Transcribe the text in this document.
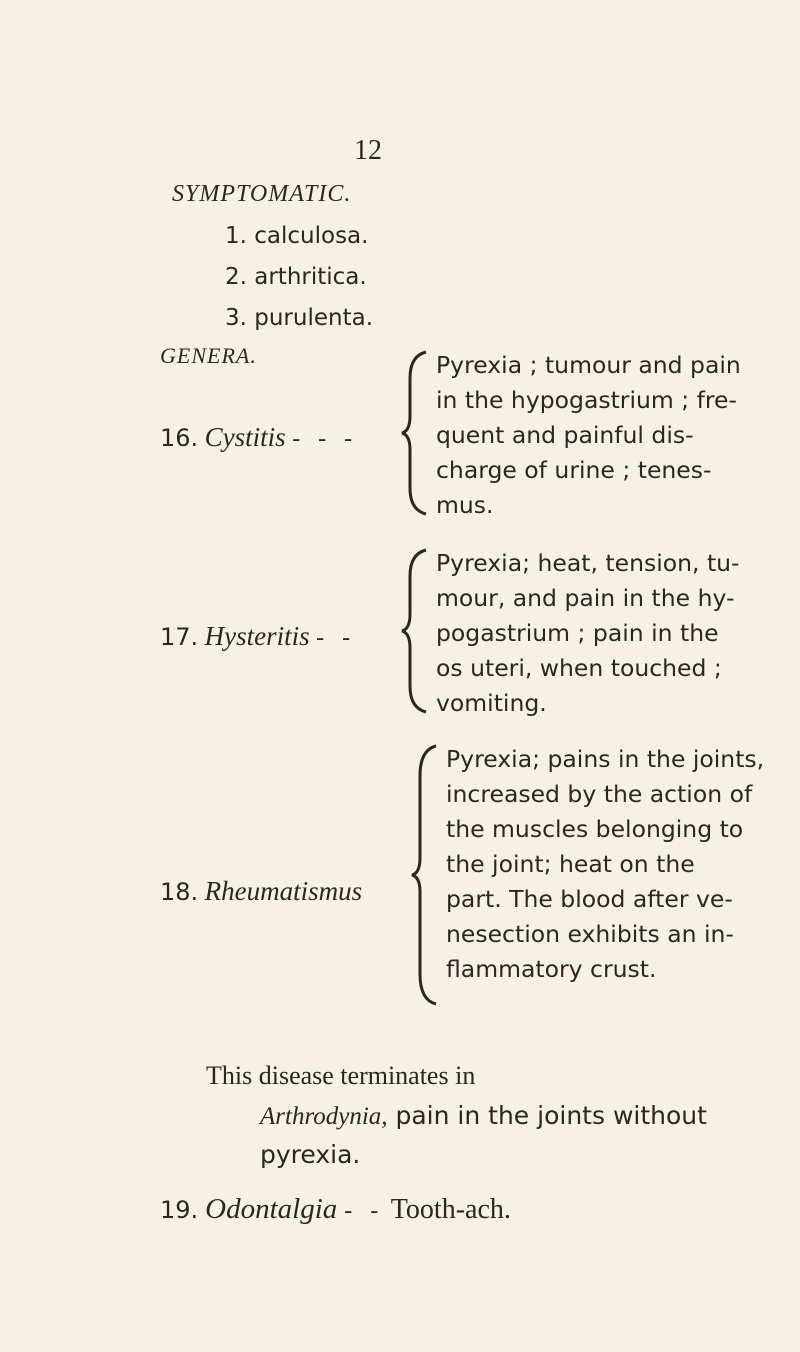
12
SYMPTOMATIC.
1. calculosa.
2. arthritica.
3. purulenta.
GENERA.
16. Cystitis - - -
Pyrexia ; tumour and pain
in the hypogastrium ; fre-
quent and painful dis-
charge of urine ; tenes-
mus.
17. Hysteritis - -
Pyrexia; heat, tension, tu-
mour, and pain in the hy-
pogastrium ; pain in the
os uteri, when touched ;
vomiting.
18. Rheumatismus
Pyrexia; pains in the joints,
increased by the action of
the muscles belonging to
the joint; heat on the
part. The blood after ve-
nesection exhibits an in-
flammatory crust.
This disease terminates in
Arthrodynia, pain in the joints without
pyrexia.
19. Odontalgia - - Tooth-ach.
